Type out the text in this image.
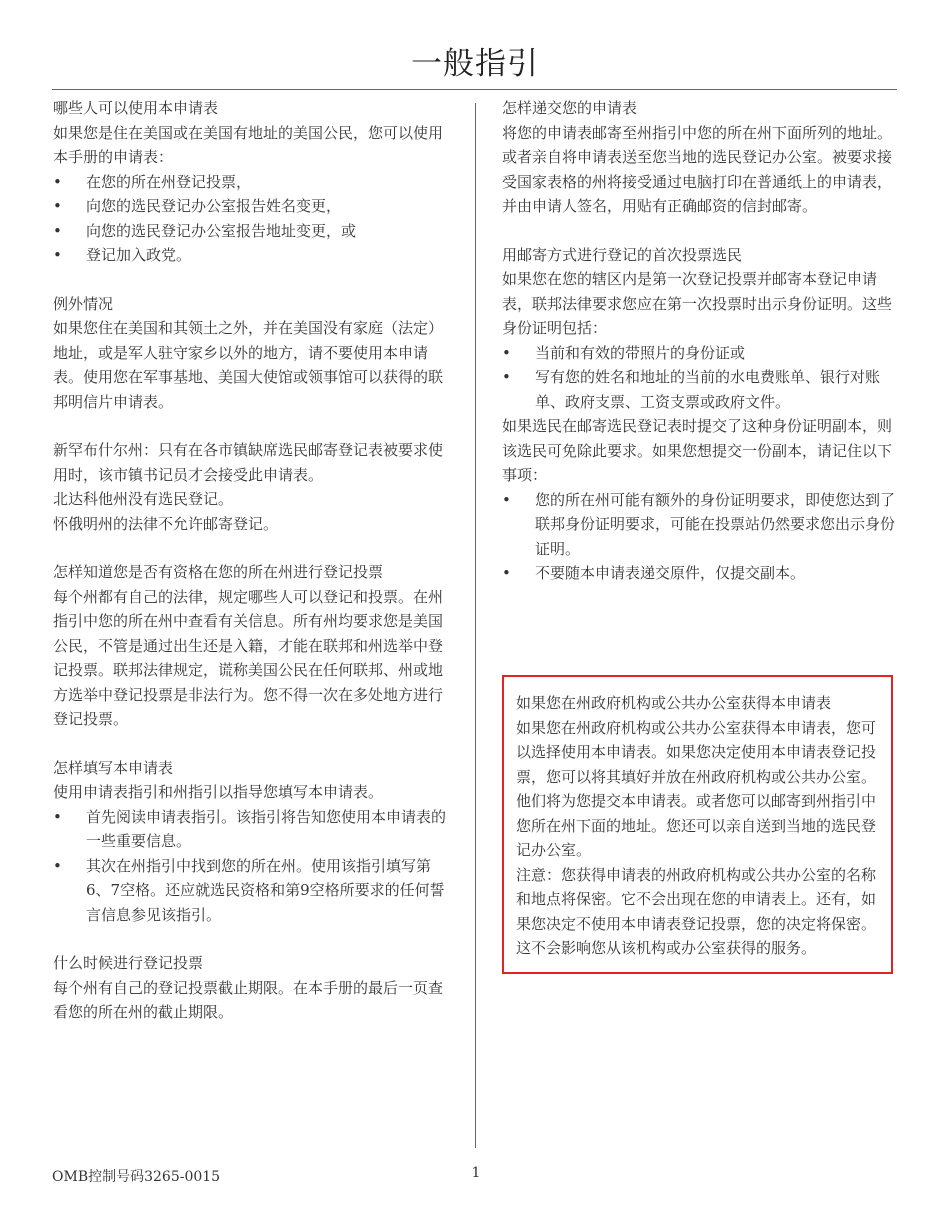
一般指引

哪些人可以使用本申请表

如果您是住在美国或在美国有地址的美国公民，您可以使用本手册的申请表：

• 在您的所在州登记投票，
• 向您的选民登记办公室报告姓名变更，
• 向您的选民登记办公室报告地址变更，或
• 登记加入政党。

例外情况

如果您住在美国和其领土之外，并在美国没有家庭（法定）地址，或是军人驻守家乡以外的地方，请不要使用本申请表。使用您在军事基地、美国大使馆或领事馆可以获得的联邦明信片申请表。

新罕布什尔州：只有在各市镇缺席选民邮寄登记表被要求使用时，该市镇书记员才会接受此申请表。

北达科他州没有选民登记。

怀俄明州的法律不允许邮寄登记。

怎样知道您是否有资格在您的所在州进行登记投票

每个州都有自己的法律，规定哪些人可以登记和投票。在州指引中您的所在州中查看有关信息。所有州均要求您是美国公民，不管是通过出生还是入籍，才能在联邦和州选举中登记投票。联邦法律规定，谎称美国公民在任何联邦、州或地方选举中登记投票是非法行为。您不得一次在多处地方进行登记投票。

怎样填写本申请表

使用申请表指引和州指引以指导您填写本申请表。

• 首先阅读申请表指引。该指引将告知您使用本申请表的一些重要信息。
• 其次在州指引中找到您的所在州。使用该指引填写第6、7空格。还应就选民资格和第9空格所要求的任何誓言信息参见该指引。

什么时候进行登记投票

每个州有自己的登记投票截止期限。在本手册的最后一页查看您的所在州的截止期限。

怎样递交您的申请表

将您的申请表邮寄至州指引中您的所在州下面所列的地址。或者亲自将申请表送至您当地的选民登记办公室。被要求接受国家表格的州将接受通过电脑打印在普通纸上的申请表，并由申请人签名，用贴有正确邮资的信封邮寄。

用邮寄方式进行登记的首次投票选民

如果您在您的辖区内是第一次登记投票并邮寄本登记申请表，联邦法律要求您应在第一次投票时出示身份证明。这些身份证明包括：

• 当前和有效的带照片的身份证或
• 写有您的姓名和地址的当前的水电费账单、银行对账单、政府支票、工资支票或政府文件。

如果选民在邮寄选民登记表时提交了这种身份证明副本，则该选民可免除此要求。如果您想提交一份副本，请记住以下事项：

• 您的所在州可能有额外的身份证明要求，即使您达到了联邦身份证明要求，可能在投票站仍然要求您出示身份证明。
• 不要随本申请表递交原件，仅提交副本。

如果您在州政府机构或公共办公室获得本申请表

如果您在州政府机构或公共办公室获得本申请表，您可以选择使用本申请表。如果您决定使用本申请表登记投票，您可以将其填好并放在州政府机构或公共办公室。他们将为您提交本申请表。或者您可以邮寄到州指引中您所在州下面的地址。您还可以亲自送到当地的选民登记办公室。

注意：您获得申请表的州政府机构或公共办公室的名称和地点将保密。它不会出现在您的申请表上。还有，如果您决定不使用本申请表登记投票，您的决定将保密。这不会影响您从该机构或办公室获得的服务。

OMB控制号码3265-0015	1
